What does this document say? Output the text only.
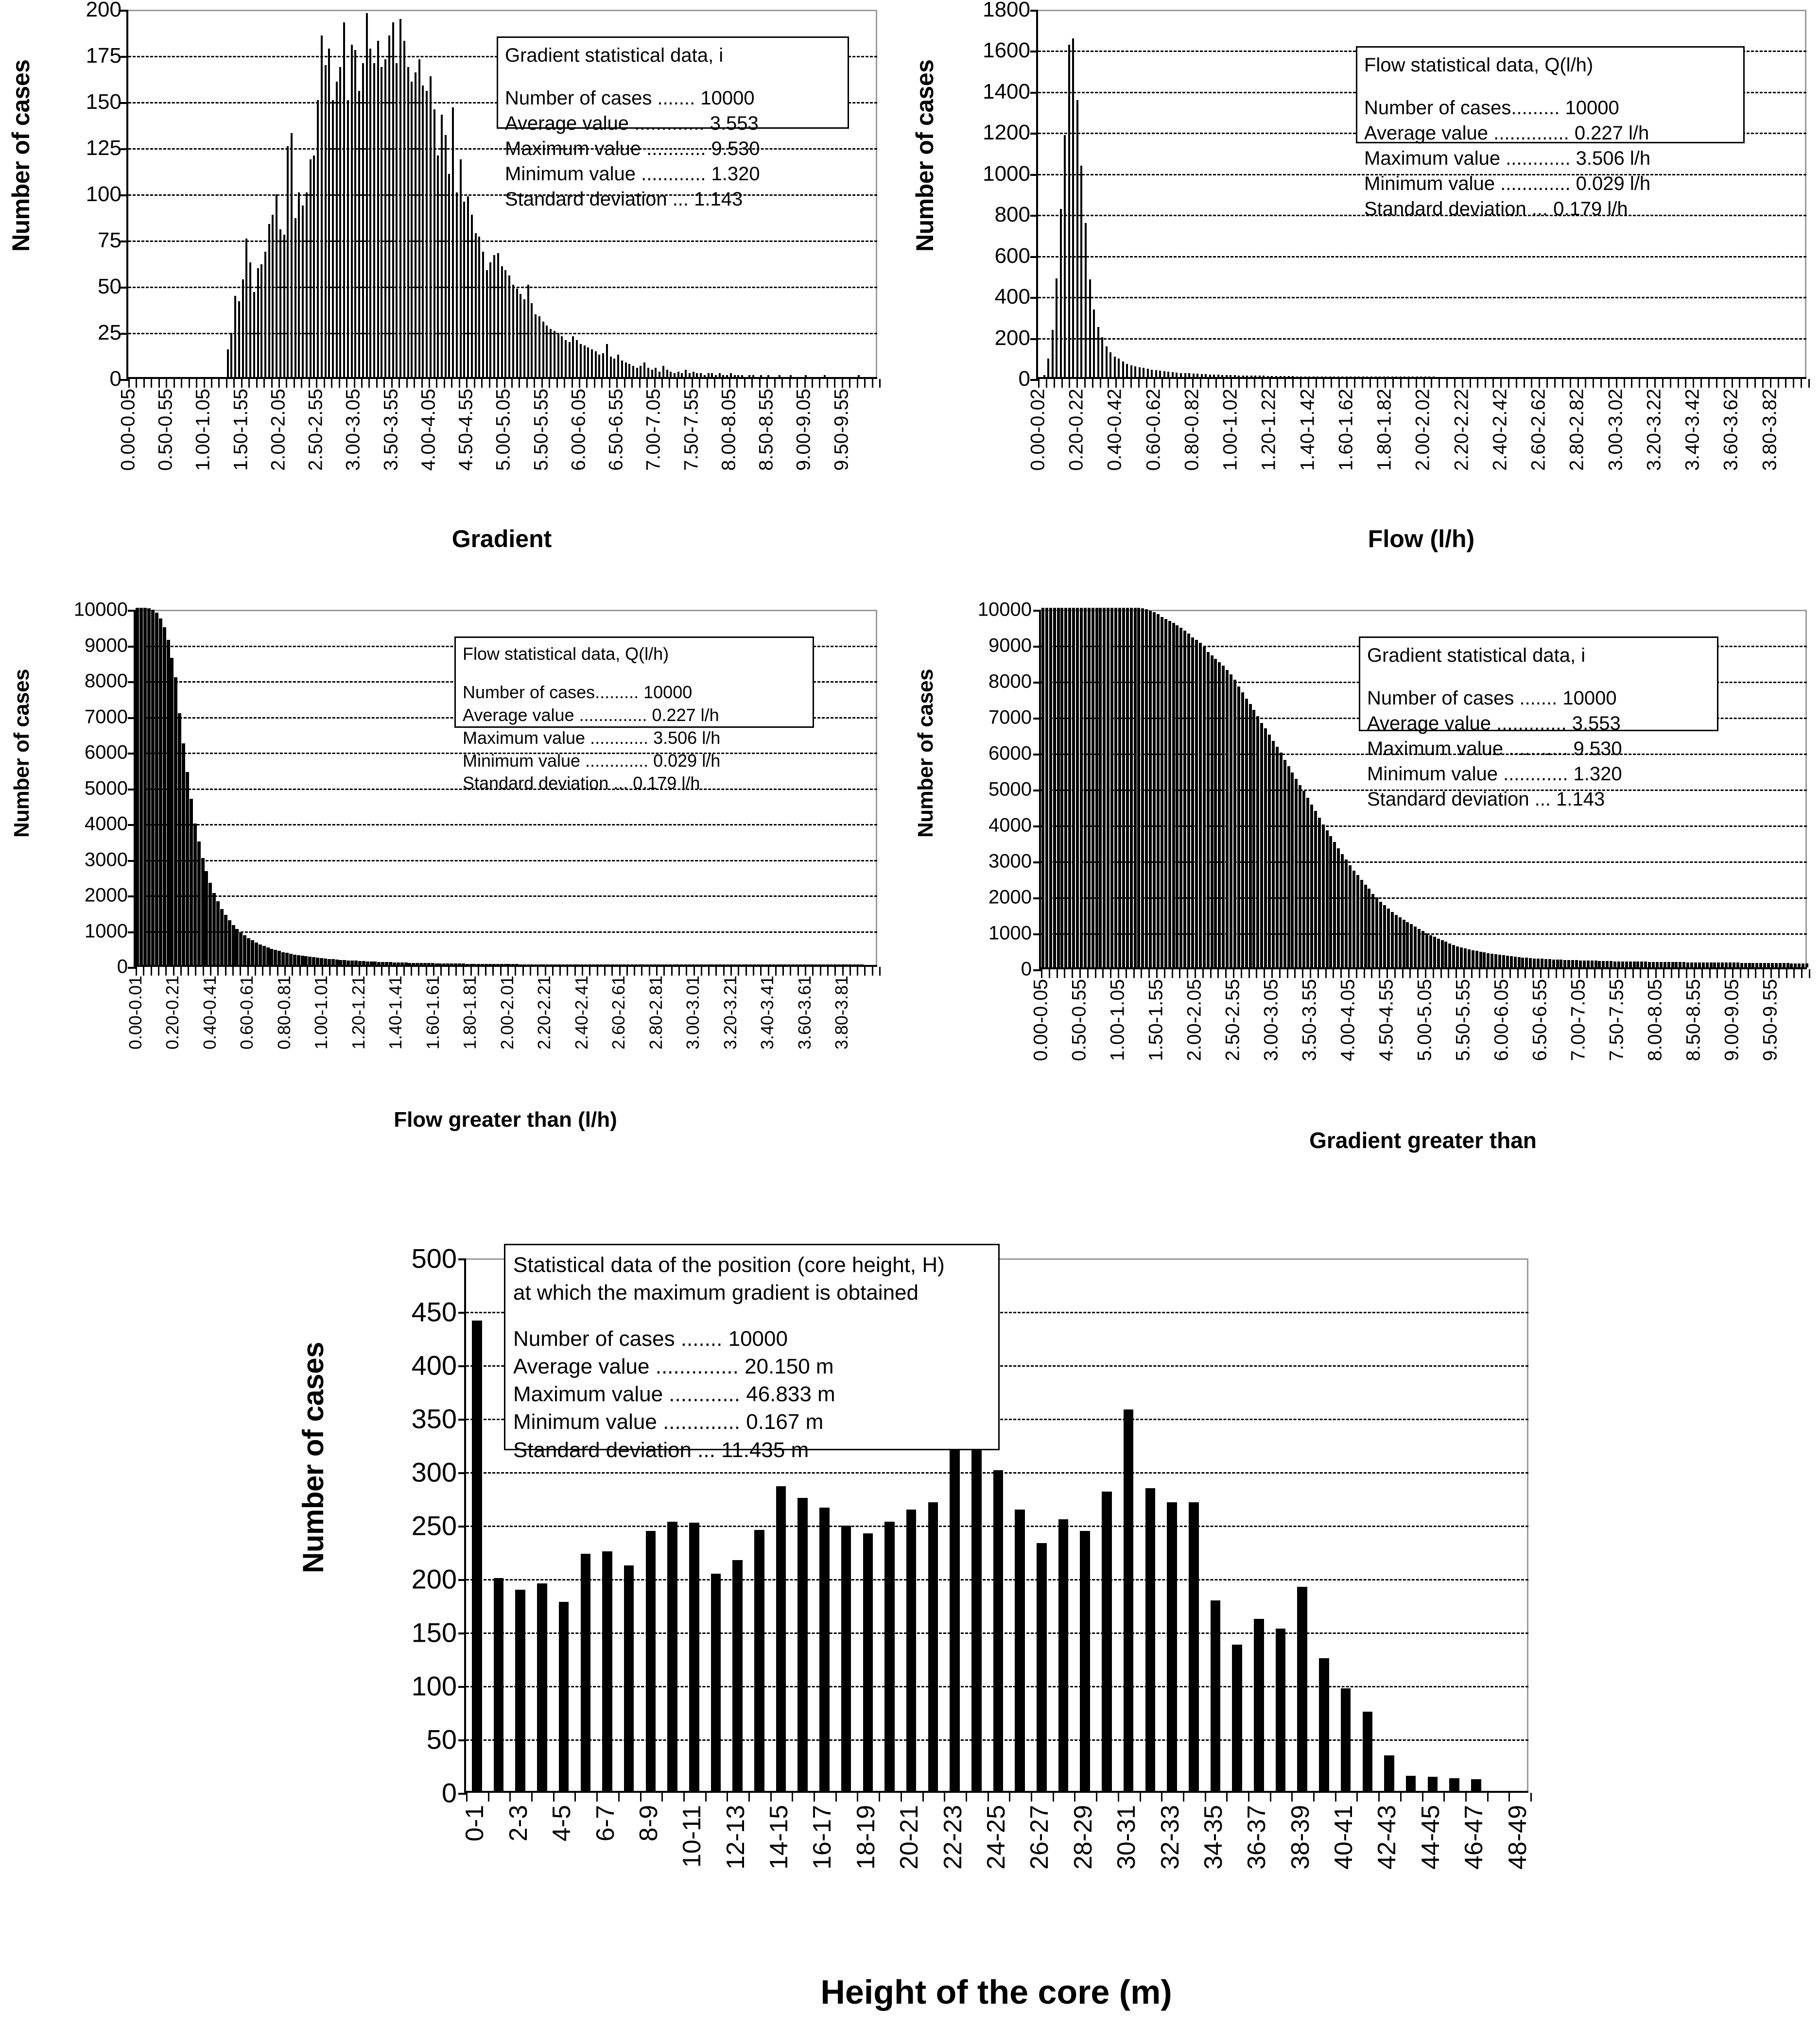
Number of cases
0
25
50
75
100
125
150
175
200
0.00-0.05 0.50-0.55 1.00-1.05 1.50-1.55 2.00-2.05 2.50-2.55 3.00-3.05 3.50-3.55 4.00-4.05 4.50-4.55 5.00-5.05 5.50-5.55 6.00-6.05 6.50-6.55 7.00-7.05 7.50-7.55 8.00-8.05 8.50-8.55 9.00-9.05 9.50-9.55
Gradient
Gradient statistical data, i
Number of cases ....... 10000
Average value ............. 3.553
Maximum value ........... 9.530
Minimum value ............ 1.320
Standard deviation ... 1.143	Number of cases
0
200
400
600
800
1000
1200
1400
1600
1800
0.00-0.02 0.20-0.22 0.40-0.42 0.60-0.62 0.80-0.82 1.00-1.02 1.20-1.22 1.40-1.42 1.60-1.62 1.80-1.82 2.00-2.02 2.20-2.22 2.40-2.42 2.60-2.62 2.80-2.82 3.00-3.02 3.20-3.22 3.40-3.42 3.60-3.62 3.80-3.82
Flow (l/h)
Flow statistical data, Q(l/h)
Number of cases......... 10000
Average value .............. 0.227 l/h
Maximum value ............ 3.506 l/h
Minimum value ............. 0.029 l/h
Standard deviation ... 0.179 l/h
Number of cases
0
1000
2000
3000
4000
5000
6000
7000
8000
9000
10000
0.00-0.01 0.20-0.21 0.40-0.41 0.60-0.61 0.80-0.81 1.00-1.01 1.20-1.21 1.40-1.41 1.60-1.61 1.80-1.81 2.00-2.01 2.20-2.21 2.40-2.41 2.60-2.61 2.80-2.81 3.00-3.01 3.20-3.21 3.40-3.41 3.60-3.61 3.80-3.81
Flow greater than (l/h)
Flow statistical data, Q(l/h)
Number of cases......... 10000
Average value .............. 0.227 l/h
Maximum value ............ 3.506 l/h
Minimum value ............. 0.029 l/h
Standard deviation ... 0.179 l/h	Number of cases
0
1000
2000
3000
4000
5000
6000
7000
8000
9000
10000
0.00-0.05 0.50-0.55 1.00-1.05 1.50-1.55 2.00-2.05 2.50-2.55 3.00-3.05 3.50-3.55 4.00-4.05 4.50-4.55 5.00-5.05 5.50-5.55 6.00-6.05 6.50-6.55 7.00-7.05 7.50-7.55 8.00-8.05 8.50-8.55 9.00-9.05 9.50-9.55
Gradient greater than
Gradient statistical data, i
Number of cases ....... 10000
Average value ............. 3.553
Maximum value ........... 9.530
Minimum value ............ 1.320
Standard deviation ... 1.143
Number of cases
0
50
100
150
200
250
300
350
400
450
500
0-1 2-3 4-5 6-7 8-9 10-11 12-13 14-15 16-17 18-19 20-21 22-23 24-25 26-27 28-29 30-31 32-33 34-35 36-37 38-39 40-41 42-43 44-45 46-47 48-49
Height of the core (m)
Statistical data of the position (core height, H)
at which the maximum gradient is obtained
Number of cases ....... 10000
Average value .............. 20.150 m
Maximum value ............ 46.833 m
Minimum value ............. 0.167 m
Standard deviation ... 11.435 m
